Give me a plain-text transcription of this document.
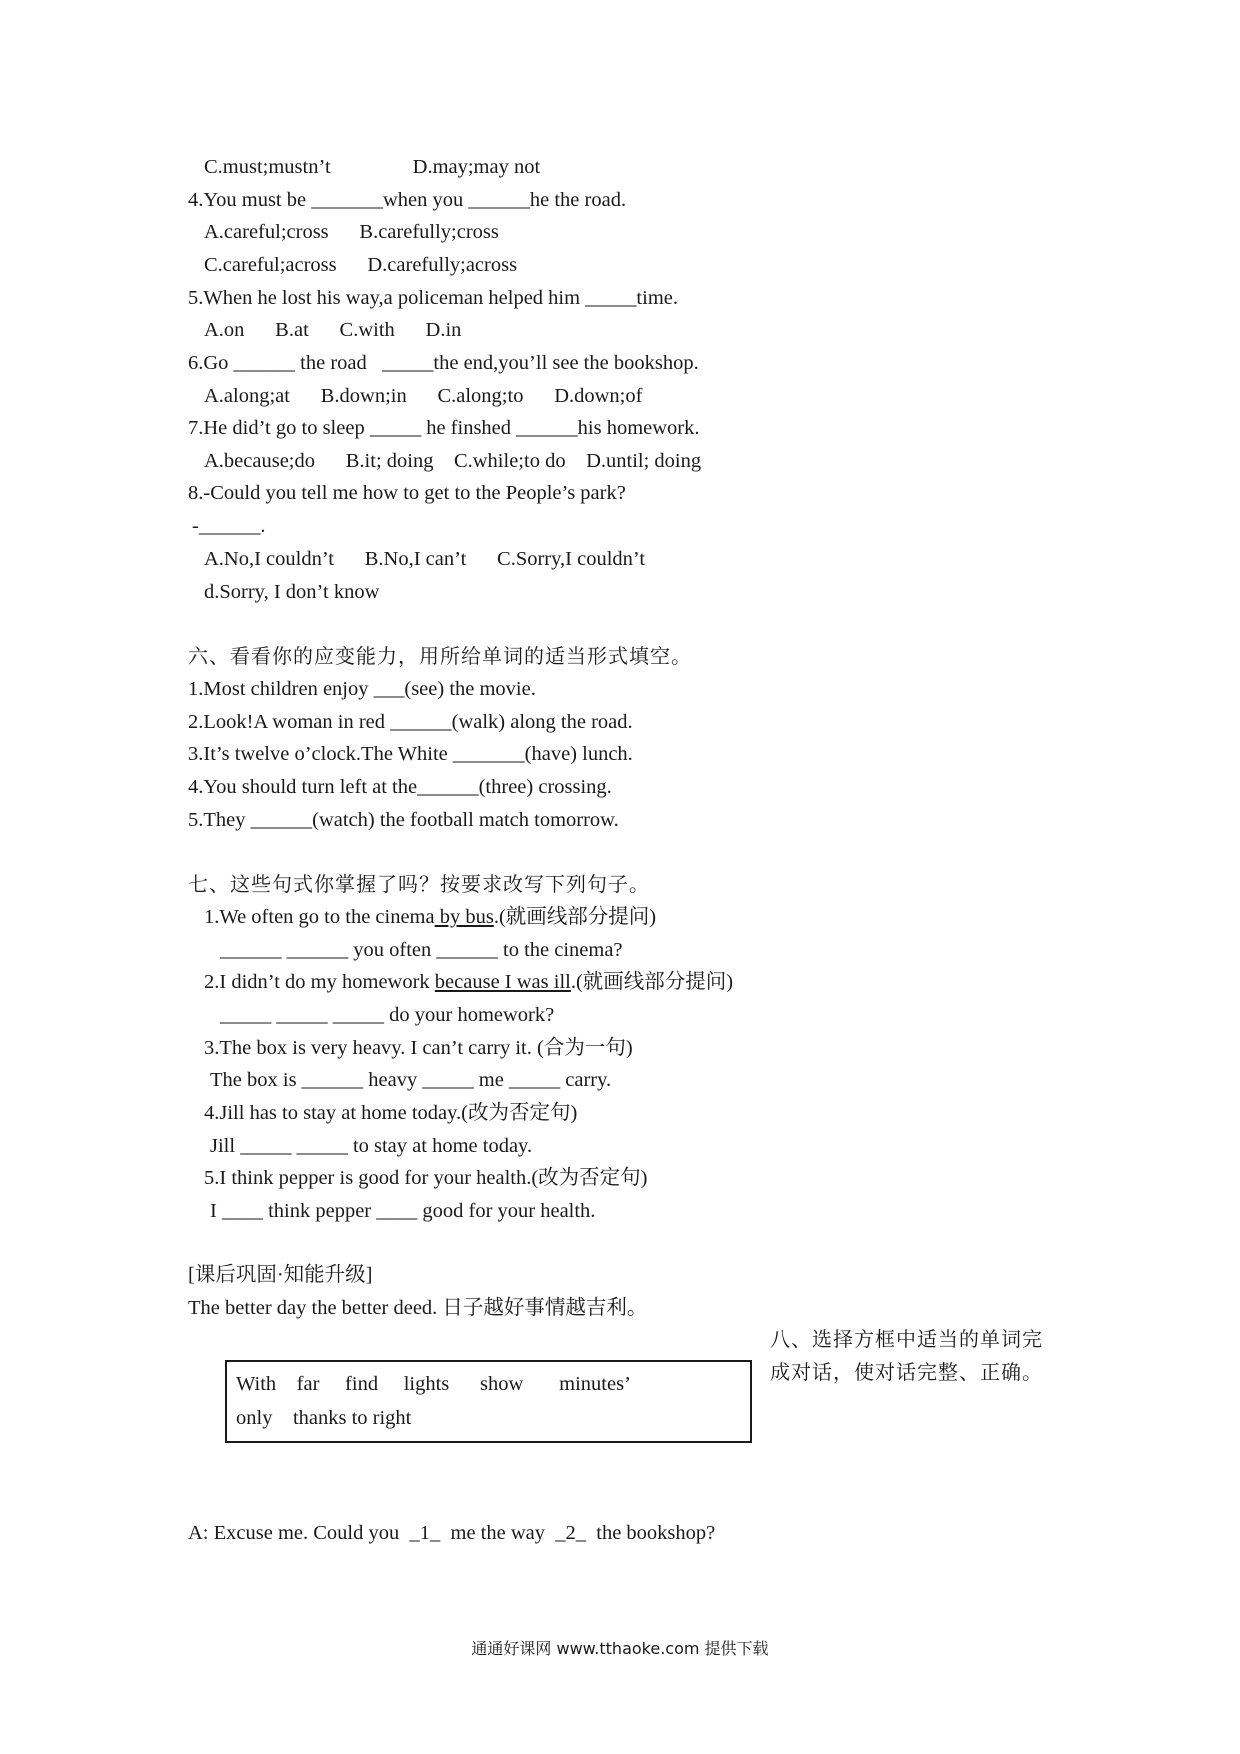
C.must;mustn’t                D.may;may not
4.You must be _______when you ______he the road.
A.careful;cross      B.carefully;cross
C.careful;across      D.carefully;across
5.When he lost his way,a policeman helped him _____time.
A.on      B.at      C.with      D.in
6.Go ______ the road   _____the end,you’ll see the bookshop.
A.along;at      B.down;in      C.along;to      D.down;of
7.He did’t go to sleep _____ he finshed ______his homework.
A.because;do      B.it; doing    C.while;to do    D.until; doing
8.-Could you tell me how to get to the People’s park?
-______.
A.No,I couldn’t      B.No,I can’t      C.Sorry,I couldn’t
d.Sorry, I don’t know
六、看看你的应变能力，用所给单词的适当形式填空。
1.Most children enjoy ___(see) the movie.
2.Look!A woman in red ______(walk) along the road.
3.It’s twelve o’clock.The White _______(have) lunch.
4.You should turn left at the______(three) crossing.
5.They ______(watch) the football match tomorrow.
七、这些句式你掌握了吗？按要求改写下列句子。
1.We often go to the cinema by bus.(就画线部分提问)
______ ______ you often ______ to the cinema?
2.I didn’t do my homework because I was ill.(就画线部分提问)
_____ _____ _____ do your homework?
3.The box is very heavy. I can’t carry it. (合为一句)
The box is ______ heavy _____ me _____ carry.
4.Jill has to stay at home today.(改为否定句)
Jill _____ _____ to stay at home today.
5.I think pepper is good for your health.(改为否定句)
I ____ think pepper ____ good for your health.
[课后巩固·知能升级]
The better day the better deed. 日子越好事情越吉利。
八、选择方框中适当的单词完
成对话，使对话完整、正确。
With    far     find     lights      show       minutes’
only    thanks to right
A: Excuse me. Could you  _1_  me the way  _2_  the bookshop?
通通好课网 www.tthaoke.com 提供下载
